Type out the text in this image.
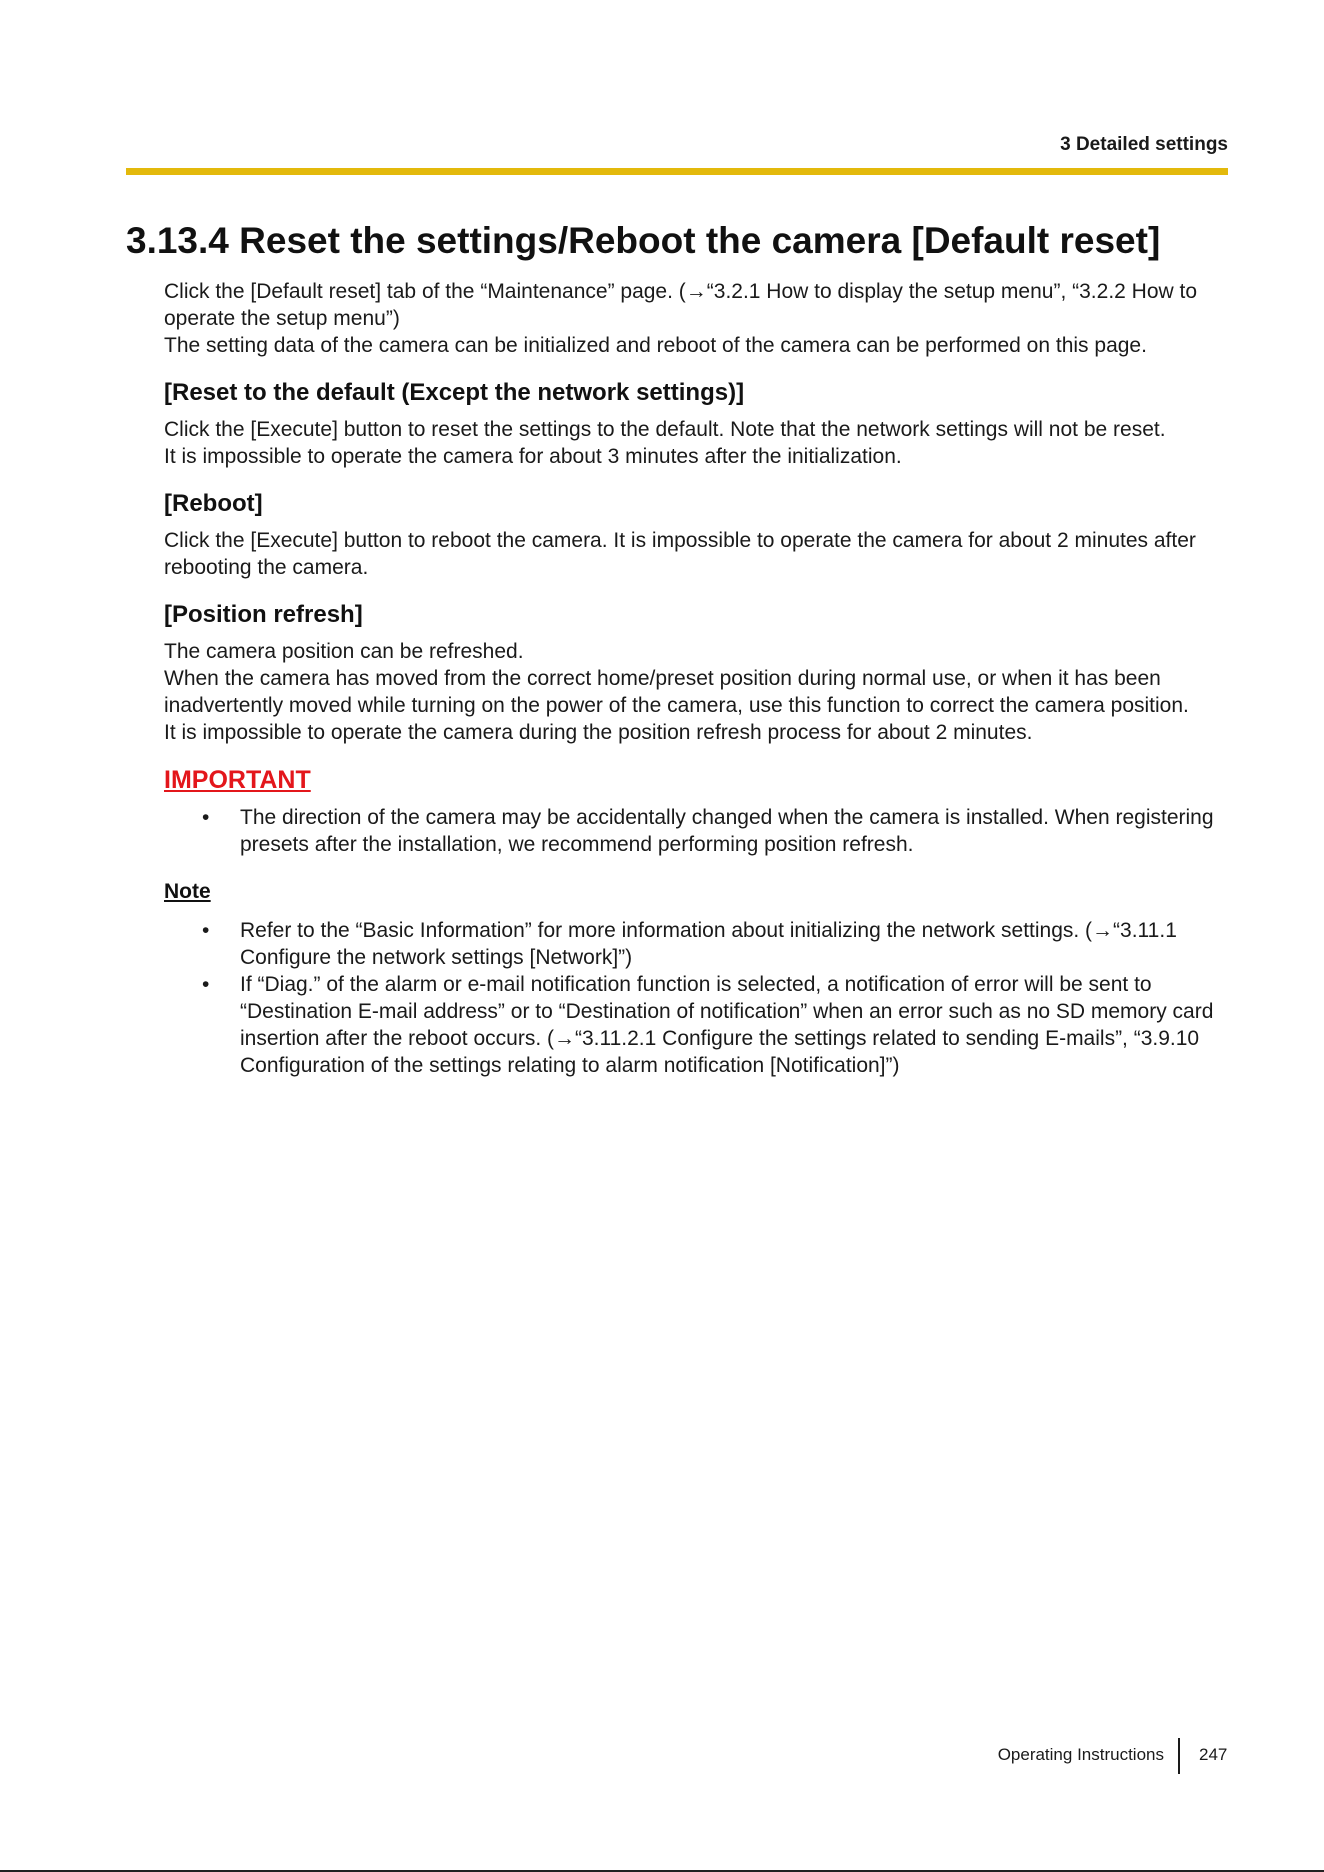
3 Detailed settings
3.13.4 Reset the settings/Reboot the camera [Default reset]

Click the [Default reset] tab of the “Maintenance” page. (→“3.2.1 How to display the setup menu”, “3.2.2 How to operate the setup menu”)

The setting data of the camera can be initialized and reboot of the camera can be performed on this page.

[Reset to the default (Except the network settings)]

Click the [Execute] button to reset the settings to the default. Note that the network settings will not be reset.

It is impossible to operate the camera for about 3 minutes after the initialization.

[Reboot]

Click the [Execute] button to reboot the camera. It is impossible to operate the camera for about 2 minutes after rebooting the camera.

[Position refresh]

The camera position can be refreshed.

When the camera has moved from the correct home/preset position during normal use, or when it has been inadvertently moved while turning on the power of the camera, use this function to correct the camera position.

It is impossible to operate the camera during the position refresh process for about 2 minutes.

IMPORTANT

• The direction of the camera may be accidentally changed when the camera is installed. When registering presets after the installation, we recommend performing position refresh.

Note

• Refer to the “Basic Information” for more information about initializing the network settings. (→“3.11.1 Configure the network settings [Network]”)
• If “Diag.” of the alarm or e-mail notification function is selected, a notification of error will be sent to “Destination E-mail address” or to “Destination of notification” when an error such as no SD memory card insertion after the reboot occurs. (→“3.11.2.1 Configure the settings related to sending E-mails”, “3.9.10 Configuration of the settings relating to alarm notification [Notification]”)
Operating Instructions 247
